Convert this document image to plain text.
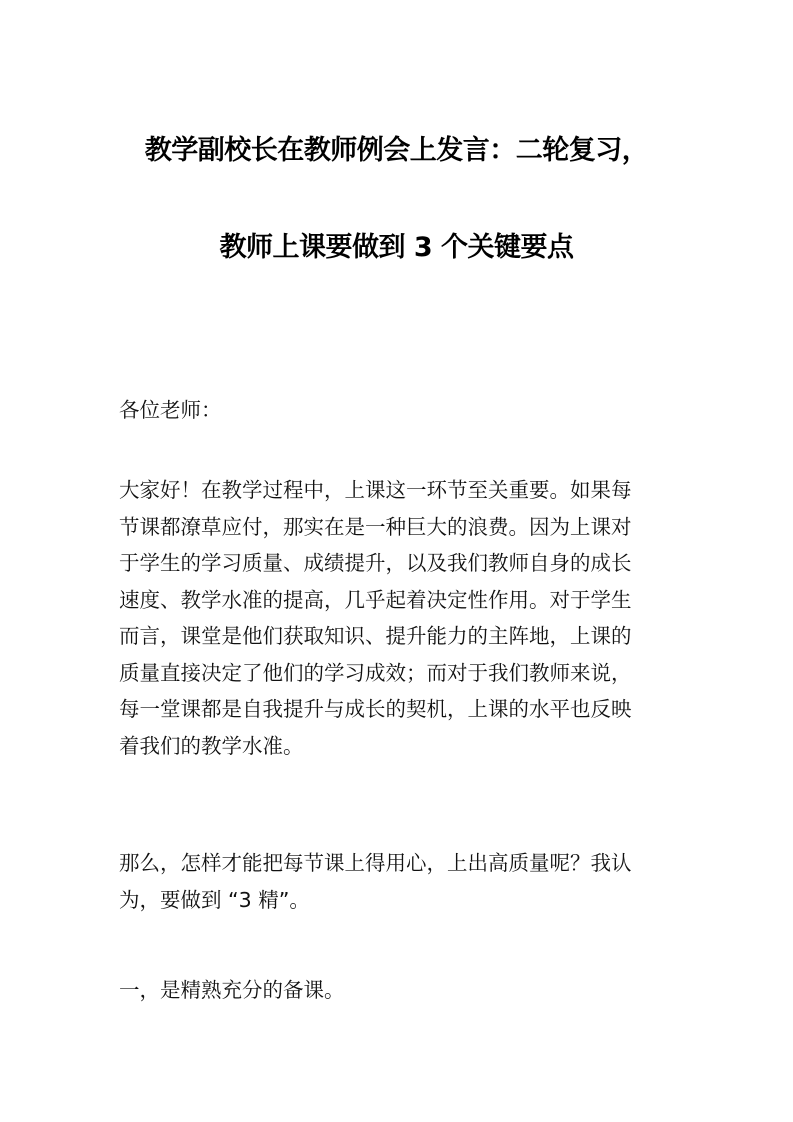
教学副校长在教师例会上发言：二轮复习，
教师上课要做到 3 个关键要点

各位老师：

大家好！在教学过程中，上课这一环节至关重要。如果每
节课都潦草应付，那实在是一种巨大的浪费。因为上课对
于学生的学习质量、成绩提升，以及我们教师自身的成长
速度、教学水准的提高，几乎起着决定性作用。对于学生
而言，课堂是他们获取知识、提升能力的主阵地，上课的
质量直接决定了他们的学习成效；而对于我们教师来说，
每一堂课都是自我提升与成长的契机，上课的水平也反映
着我们的教学水准。
那么，怎样才能把每节课上得用心，上出高质量呢？我认
为，要做到 “3 精”。
一，是精熟充分的备课。
